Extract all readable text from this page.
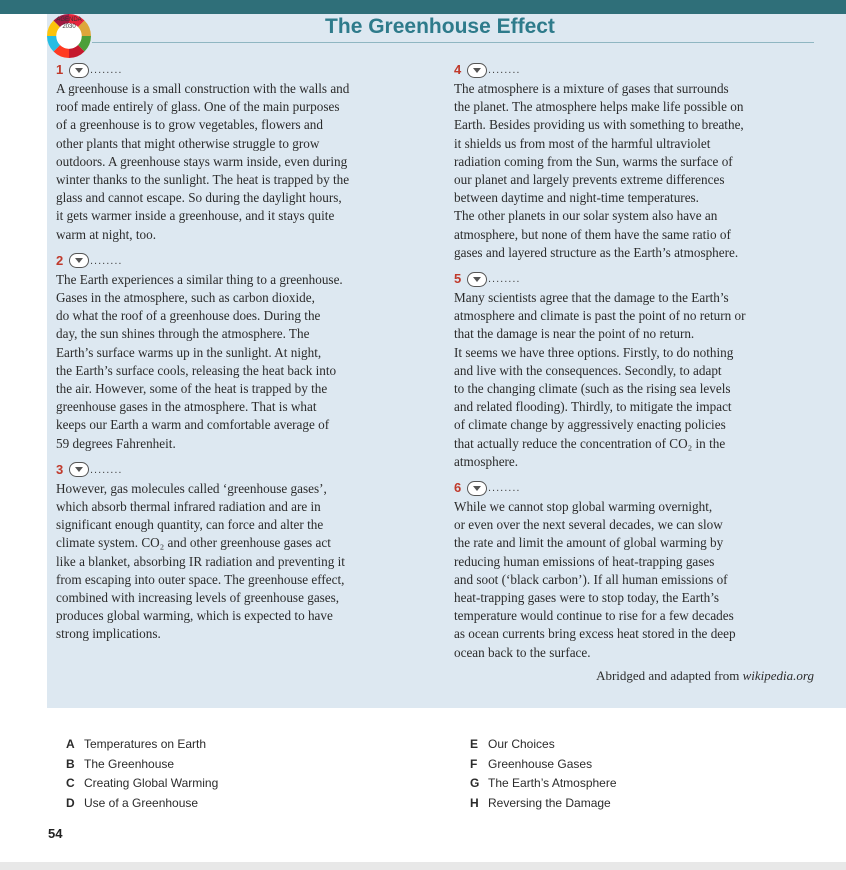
AGENDA 2030	The Greenhouse Effect
1	........

A greenhouse is a small construction with the walls and

roof made entirely of glass. One of the main purposes

of a greenhouse is to grow vegetables, flowers and

other plants that might otherwise struggle to grow

outdoors. A greenhouse stays warm inside, even during

winter thanks to the sunlight. The heat is trapped by the

glass and cannot escape. So during the daylight hours,

it gets warmer inside a greenhouse, and it stays quite

warm at night, too.

2	........

The Earth experiences a similar thing to a greenhouse.

Gases in the atmosphere, such as carbon dioxide,

do what the roof of a greenhouse does. During the

day, the sun shines through the atmosphere. The

Earth’s surface warms up in the sunlight. At night,

the Earth’s surface cools, releasing the heat back into

the air. However, some of the heat is trapped by the

greenhouse gases in the atmosphere. That is what

keeps our Earth a warm and comfortable average of

59 degrees Fahrenheit.

3	........

However, gas molecules called ‘greenhouse gases’,

which absorb thermal infrared radiation and are in

significant enough quantity, can force and alter the

climate system. CO₂ and other greenhouse gases act

like a blanket, absorbing IR radiation and preventing it

from escaping into outer space. The greenhouse effect,

combined with increasing levels of greenhouse gases,

produces global warming, which is expected to have

strong implications.

4	........

The atmosphere is a mixture of gases that surrounds

the planet. The atmosphere helps make life possible on

Earth. Besides providing us with something to breathe,

it shields us from most of the harmful ultraviolet

radiation coming from the Sun, warms the surface of

our planet and largely prevents extreme differences

between daytime and night-time temperatures.

The other planets in our solar system also have an

atmosphere, but none of them have the same ratio of

gases and layered structure as the Earth’s atmosphere.

5	........

Many scientists agree that the damage to the Earth’s

atmosphere and climate is past the point of no return or

that the damage is near the point of no return.

It seems we have three options. Firstly, to do nothing

and live with the consequences. Secondly, to adapt

to the changing climate (such as the rising sea levels

and related flooding). Thirdly, to mitigate the impact

of climate change by aggressively enacting policies

that actually reduce the concentration of CO₂ in the

atmosphere.

6	........

While we cannot stop global warming overnight,

or even over the next several decades, we can slow

the rate and limit the amount of global warming by

reducing human emissions of heat-trapping gases

and soot (‘black carbon’). If all human emissions of

heat-trapping gases were to stop today, the Earth’s

temperature would continue to rise for a few decades

as ocean currents bring excess heat stored in the deep

ocean back to the surface.

Abridged and adapted from wikipedia.org
A Temperatures on Earth
B The Greenhouse
C Creating Global Warming
D Use of a Greenhouse
E Our Choices
F Greenhouse Gases
G The Earth’s Atmosphere
H Reversing the Damage
54
